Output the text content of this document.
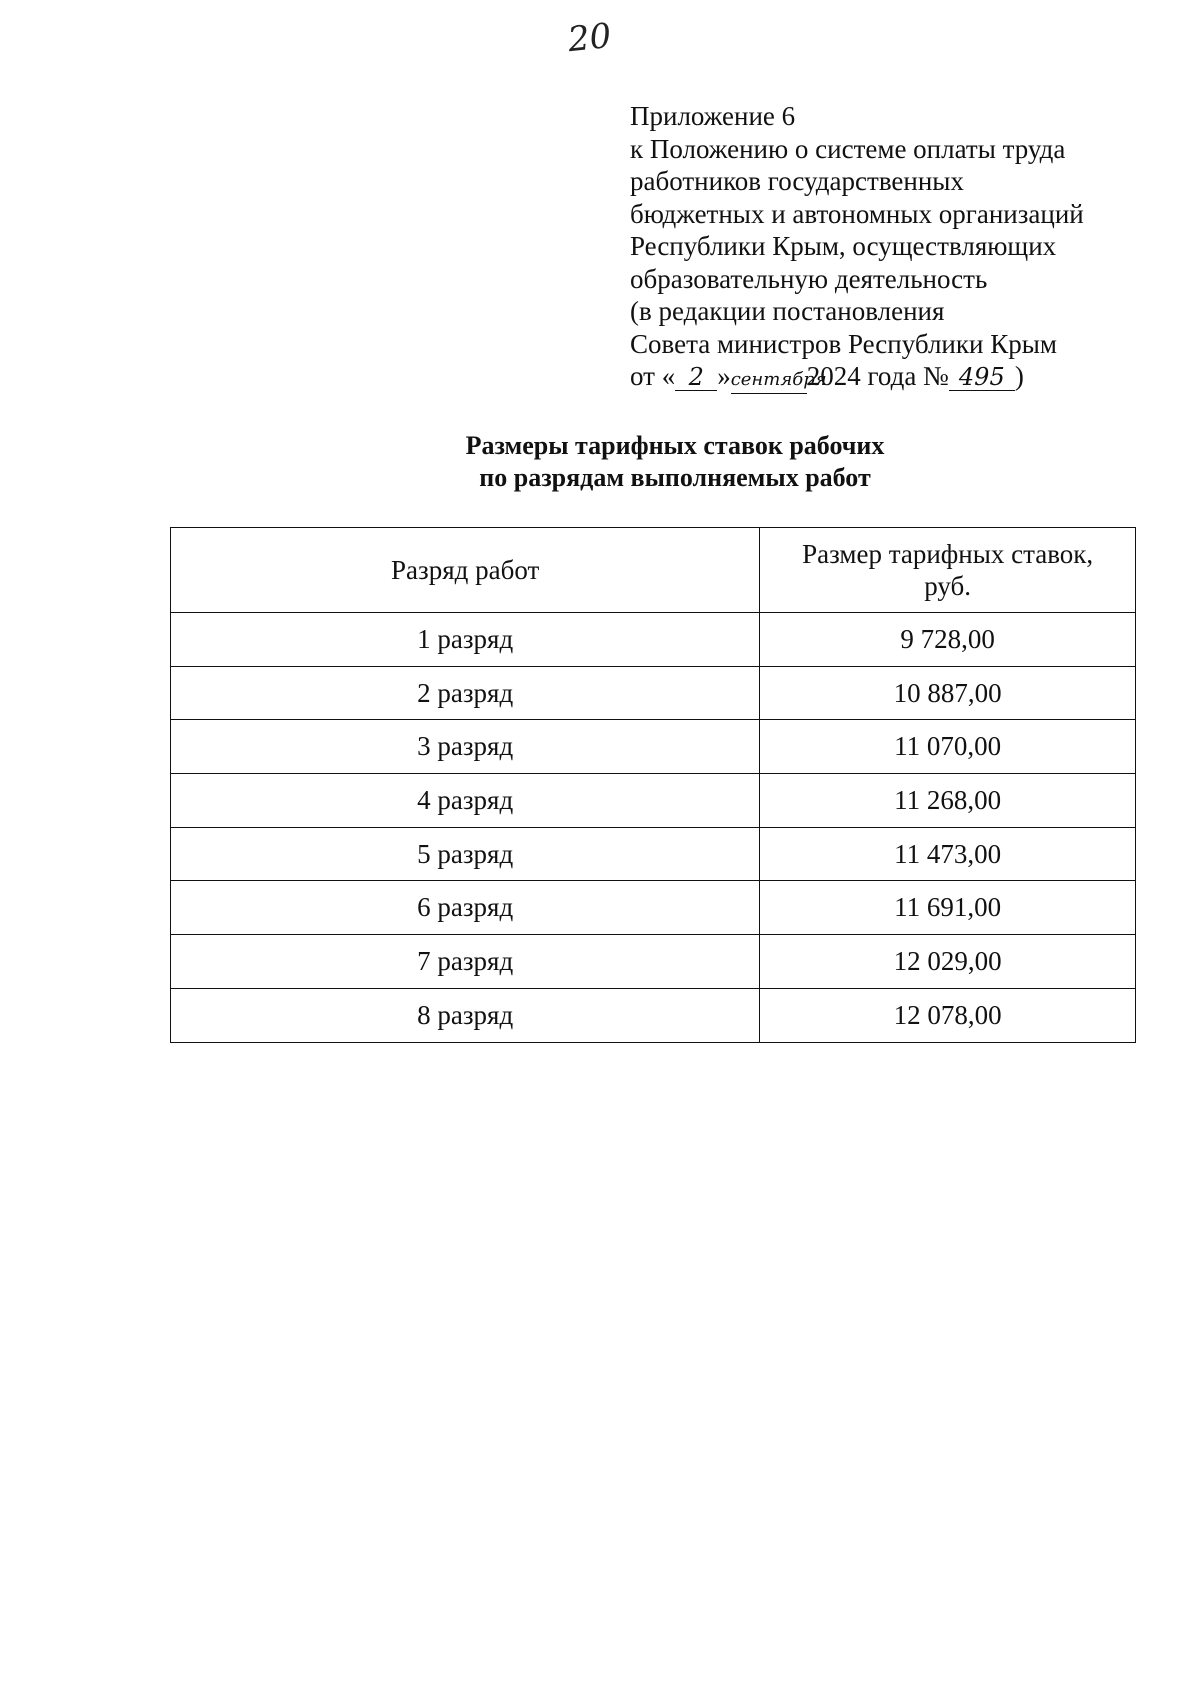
20
Приложение 6
к Положению о системе оплаты труда
работников государственных
бюджетных и автономных организаций
Республики Крым, осуществляющих
образовательную деятельность
(в редакции постановления
Совета министров Республики Крым
от « 2 »сентября2024 года № 495 )
Размеры тарифных ставок рабочих
по разрядам выполняемых работ
Разряд работ	Размер тарифных ставок,
руб.
1 разряд	9 728,00
2 разряд	10 887,00
3 разряд	11 070,00
4 разряд	11 268,00
5 разряд	11 473,00
6 разряд	11 691,00
7 разряд	12 029,00
8 разряд	12 078,00
